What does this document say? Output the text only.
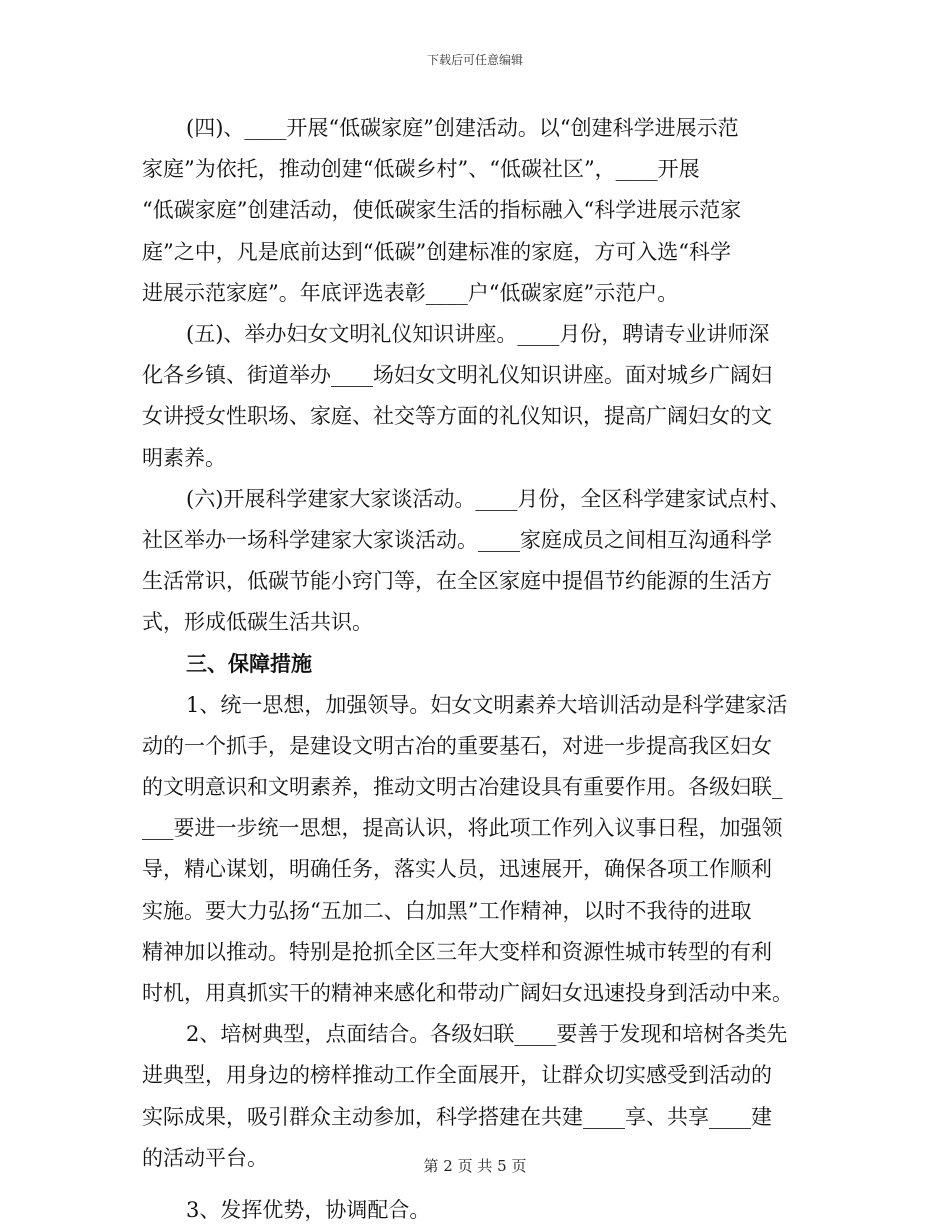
下载后可任意编辑
(四)、____开展“低碳家庭”创建活动。以“创建科学进展示范
家庭”为依托，推动创建“低碳乡村”、“低碳社区”，____开展
“低碳家庭”创建活动，使低碳家生活的指标融入“科学进展示范家
庭”之中，凡是底前达到“低碳”创建标准的家庭，方可入选“科学
进展示范家庭”。年底评选表彰____户“低碳家庭”示范户。
(五)、举办妇女文明礼仪知识讲座。____月份，聘请专业讲师深
化各乡镇、街道举办____场妇女文明礼仪知识讲座。面对城乡广阔妇
女讲授女性职场、家庭、社交等方面的礼仪知识，提高广阔妇女的文
明素养。
(六)开展科学建家大家谈活动。____月份，全区科学建家试点村、
社区举办一场科学建家大家谈活动。____家庭成员之间相互沟通科学
生活常识，低碳节能小窍门等，在全区家庭中提倡节约能源的生活方
式，形成低碳生活共识。
三、保障措施
1、统一思想，加强领导。妇女文明素养大培训活动是科学建家活
动的一个抓手，是建设文明古冶的重要基石，对进一步提高我区妇女
的文明意识和文明素养，推动文明古冶建设具有重要作用。各级妇联_
___要进一步统一思想，提高认识，将此项工作列入议事日程，加强领
导，精心谋划，明确任务，落实人员，迅速展开，确保各项工作顺利
实施。要大力弘扬“五加二、白加黑”工作精神，以时不我待的进取
精神加以推动。特别是抢抓全区三年大变样和资源性城市转型的有利
时机，用真抓实干的精神来感化和带动广阔妇女迅速投身到活动中来。
2、培树典型，点面结合。各级妇联____要善于发现和培树各类先
进典型，用身边的榜样推动工作全面展开，让群众切实感受到活动的
实际成果，吸引群众主动参加，科学搭建在共建____享、共享____建
的活动平台。
3、发挥优势，协调配合。
第 2 页 共 5 页
